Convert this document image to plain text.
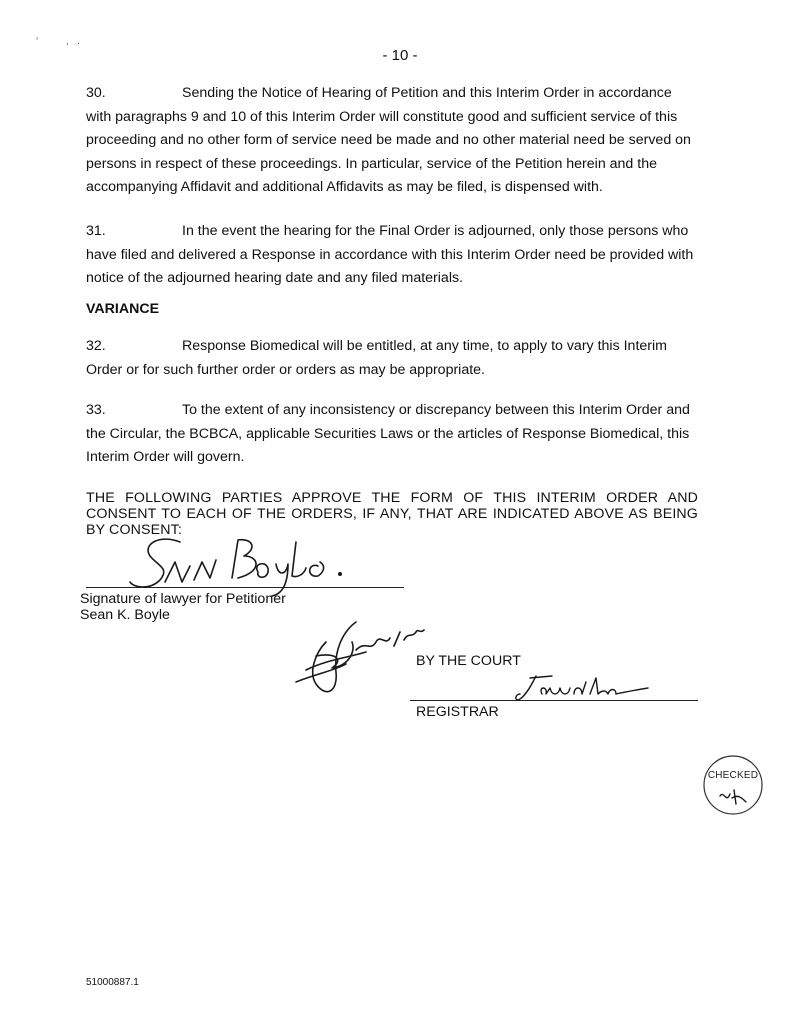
‘          ,   .
- 10 -
30.	Sending the Notice of Hearing of Petition and this Interim Order in accordance with paragraphs 9 and 10 of this Interim Order will constitute good and sufficient service of this proceeding and no other form of service need be made and no other material need be served on persons in respect of these proceedings. In particular, service of the Petition herein and the accompanying Affidavit and additional Affidavits as may be filed, is dispensed with.
31.	In the event the hearing for the Final Order is adjourned, only those persons who have filed and delivered a Response in accordance with this Interim Order need be provided with notice of the adjourned hearing date and any filed materials.
VARIANCE
32.	Response Biomedical will be entitled, at any time, to apply to vary this Interim Order or for such further order or orders as may be appropriate.
33.	To the extent of any inconsistency or discrepancy between this Interim Order and the Circular, the BCBCA, applicable Securities Laws or the articles of Response Biomedical, this Interim Order will govern.
THE FOLLOWING PARTIES APPROVE THE FORM OF THIS INTERIM ORDER AND CONSENT TO EACH OF THE ORDERS, IF ANY, THAT ARE INDICATED ABOVE AS BEING BY CONSENT:
Signature of lawyer for Petitioner
Sean K. Boyle
BY THE COURT
REGISTRAR
CHECKED
51000887.1
